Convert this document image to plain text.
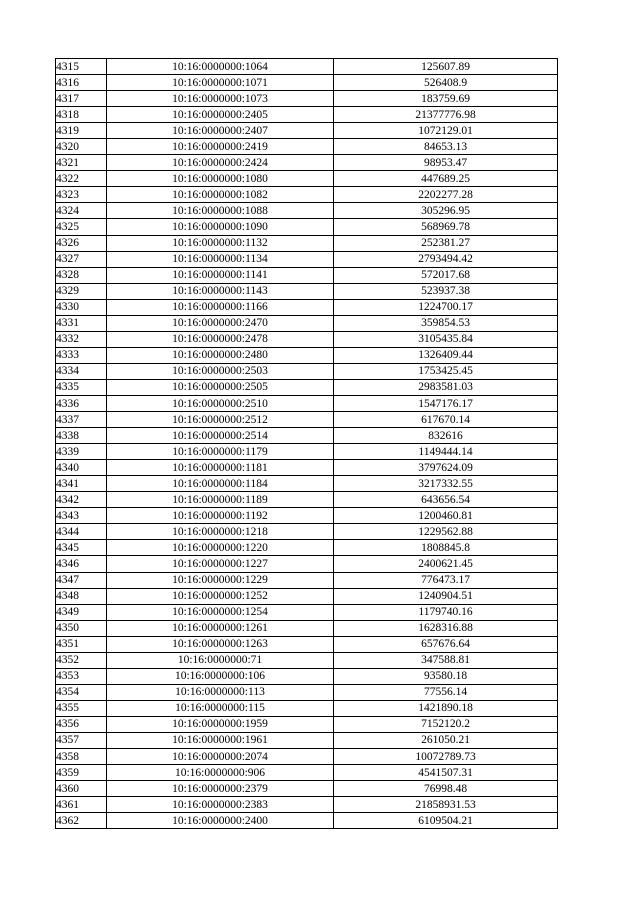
4315	10:16:0000000:1064	125607.89
4316	10:16:0000000:1071	526408.9
4317	10:16:0000000:1073	183759.69
4318	10:16:0000000:2405	21377776.98
4319	10:16:0000000:2407	1072129.01
4320	10:16:0000000:2419	84653.13
4321	10:16:0000000:2424	98953.47
4322	10:16:0000000:1080	447689.25
4323	10:16:0000000:1082	2202277.28
4324	10:16:0000000:1088	305296.95
4325	10:16:0000000:1090	568969.78
4326	10:16:0000000:1132	252381.27
4327	10:16:0000000:1134	2793494.42
4328	10:16:0000000:1141	572017.68
4329	10:16:0000000:1143	523937.38
4330	10:16:0000000:1166	1224700.17
4331	10:16:0000000:2470	359854.53
4332	10:16:0000000:2478	3105435.84
4333	10:16:0000000:2480	1326409.44
4334	10:16:0000000:2503	1753425.45
4335	10:16:0000000:2505	2983581.03
4336	10:16:0000000:2510	1547176.17
4337	10:16:0000000:2512	617670.14
4338	10:16:0000000:2514	832616
4339	10:16:0000000:1179	1149444.14
4340	10:16:0000000:1181	3797624.09
4341	10:16:0000000:1184	3217332.55
4342	10:16:0000000:1189	643656.54
4343	10:16:0000000:1192	1200460.81
4344	10:16:0000000:1218	1229562.88
4345	10:16:0000000:1220	1808845.8
4346	10:16:0000000:1227	2400621.45
4347	10:16:0000000:1229	776473.17
4348	10:16:0000000:1252	1240904.51
4349	10:16:0000000:1254	1179740.16
4350	10:16:0000000:1261	1628316.88
4351	10:16:0000000:1263	657676.64
4352	10:16:0000000:71	347588.81
4353	10:16:0000000:106	93580.18
4354	10:16:0000000:113	77556.14
4355	10:16:0000000:115	1421890.18
4356	10:16:0000000:1959	7152120.2
4357	10:16:0000000:1961	261050.21
4358	10:16:0000000:2074	10072789.73
4359	10:16:0000000:906	4541507.31
4360	10:16:0000000:2379	76998.48
4361	10:16:0000000:2383	21858931.53
4362	10:16:0000000:2400	6109504.21
